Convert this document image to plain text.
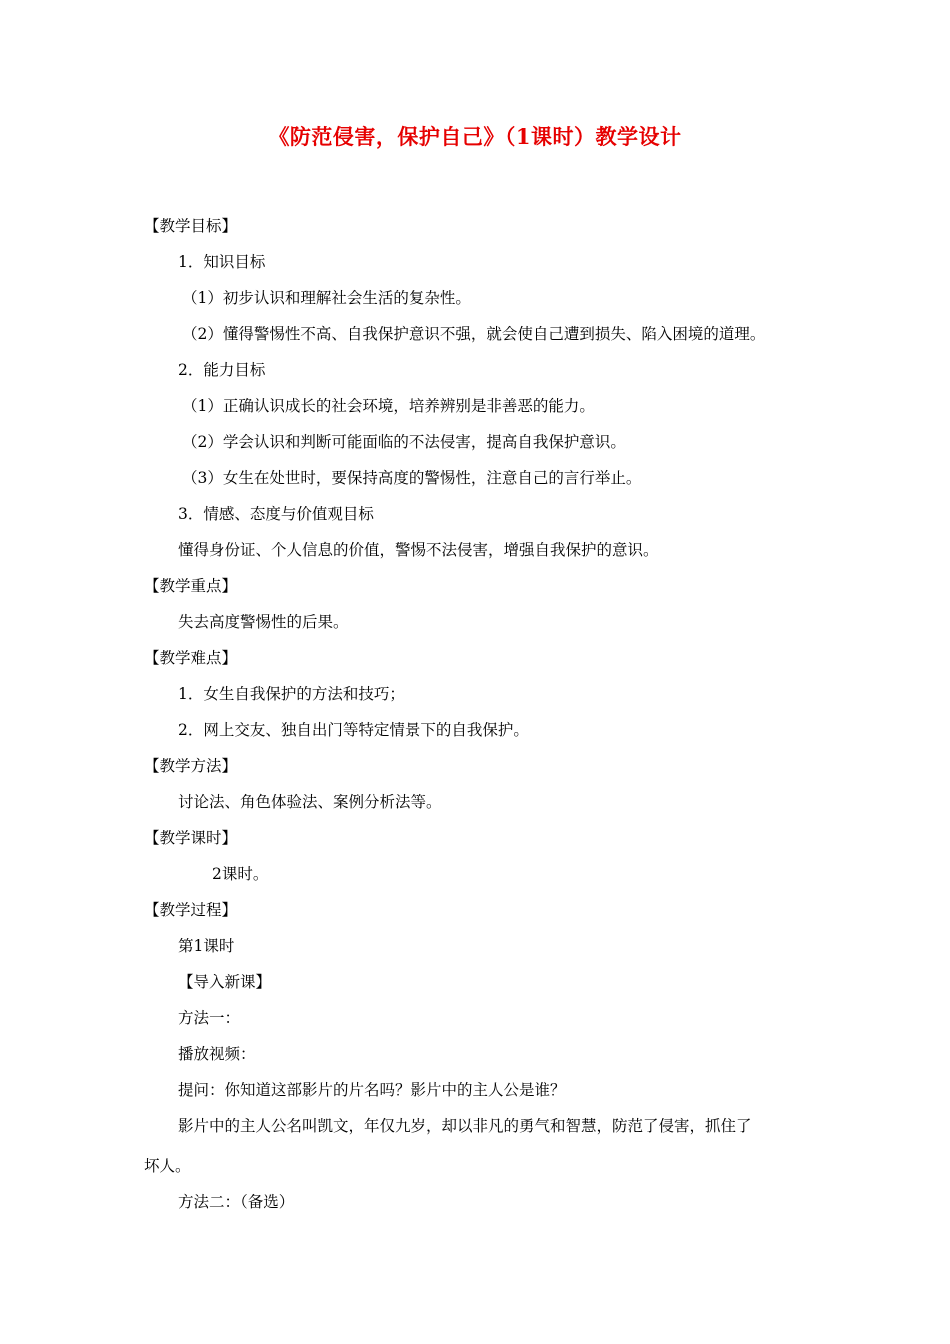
《防范侵害，保护自己》（1课时）教学设计
【教学目标】
1．知识目标
（1）初步认识和理解社会生活的复杂性。
（2）懂得警惕性不高、自我保护意识不强，就会使自己遭到损失、陷入困境的道理。
2．能力目标
（1）正确认识成长的社会环境，培养辨别是非善恶的能力。
（2）学会认识和判断可能面临的不法侵害，提高自我保护意识。
（3）女生在处世时，要保持高度的警惕性，注意自己的言行举止。
3．情感、态度与价值观目标
懂得身份证、个人信息的价值，警惕不法侵害，增强自我保护的意识。
【教学重点】
失去高度警惕性的后果。
【教学难点】
1．女生自我保护的方法和技巧；
2．网上交友、独自出门等特定情景下的自我保护。
【教学方法】
讨论法、角色体验法、案例分析法等。
【教学课时】
2课时。
【教学过程】
第1课时
【导入新课】
方法一：
播放视频：
提问：你知道这部影片的片名吗？影片中的主人公是谁？
影片中的主人公名叫凯文，年仅九岁，却以非凡的勇气和智慧，防范了侵害，抓住了
坏人。
方法二：（备选）
